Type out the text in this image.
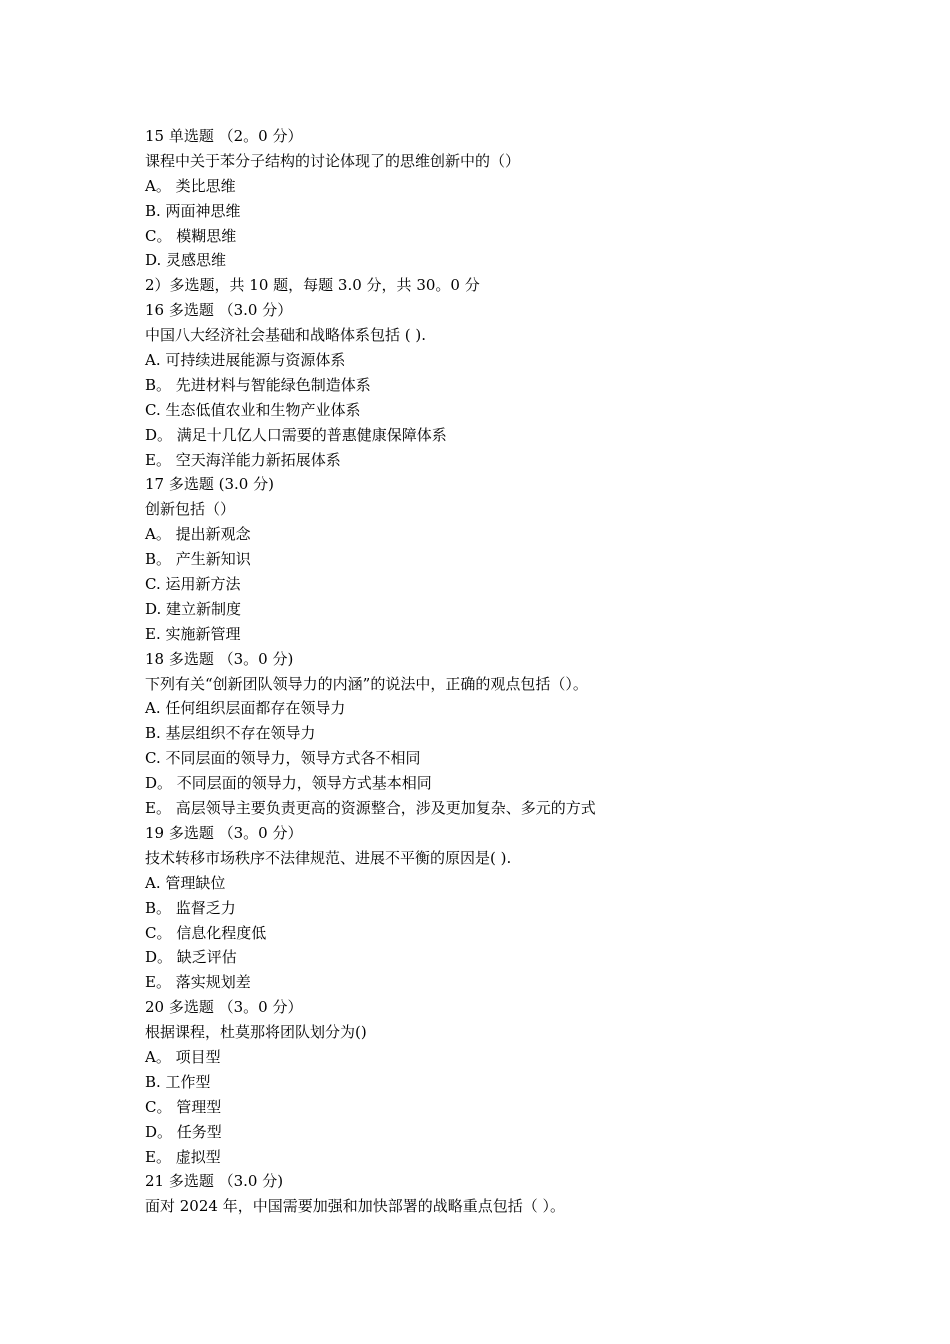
15 单选题 （2。0 分）
课程中关于苯分子结构的讨论体现了的思维创新中的（）
A。 类比思维
B. 两面神思维
C。 模糊思维
D. 灵感思维
2）多选题，共 10 题，每题 3.0 分，共 30。0 分
16 多选题 （3.0 分）
中国八大经济社会基础和战略体系包括 ( ).
A. 可持续进展能源与资源体系
B。 先进材料与智能绿色制造体系
C. 生态低值农业和生物产业体系
D。 满足十几亿人口需要的普惠健康保障体系
E。 空天海洋能力新拓展体系
17 多选题 (3.0 分)
创新包括（）
A。 提出新观念
B。 产生新知识
C. 运用新方法
D. 建立新制度
E. 实施新管理
18 多选题 （3。0 分)
下列有关“创新团队领导力的内涵”的说法中，正确的观点包括（）。
A. 任何组织层面都存在领导力
B. 基层组织不存在领导力
C. 不同层面的领导力，领导方式各不相同
D。 不同层面的领导力，领导方式基本相同
E。 高层领导主要负责更高的资源整合，涉及更加复杂、多元的方式
19 多选题 （3。0 分）
技术转移市场秩序不法律规范、进展不平衡的原因是( ).
A. 管理缺位
B。 监督乏力
C。 信息化程度低
D。 缺乏评估
E。 落实规划差
20 多选题 （3。0 分）
根据课程，杜莫那将团队划分为()
A。 项目型
B. 工作型
C。 管理型
D。 任务型
E。 虚拟型
21 多选题 （3.0 分)
面对 2024 年，中国需要加强和加快部署的战略重点包括（ ）。
